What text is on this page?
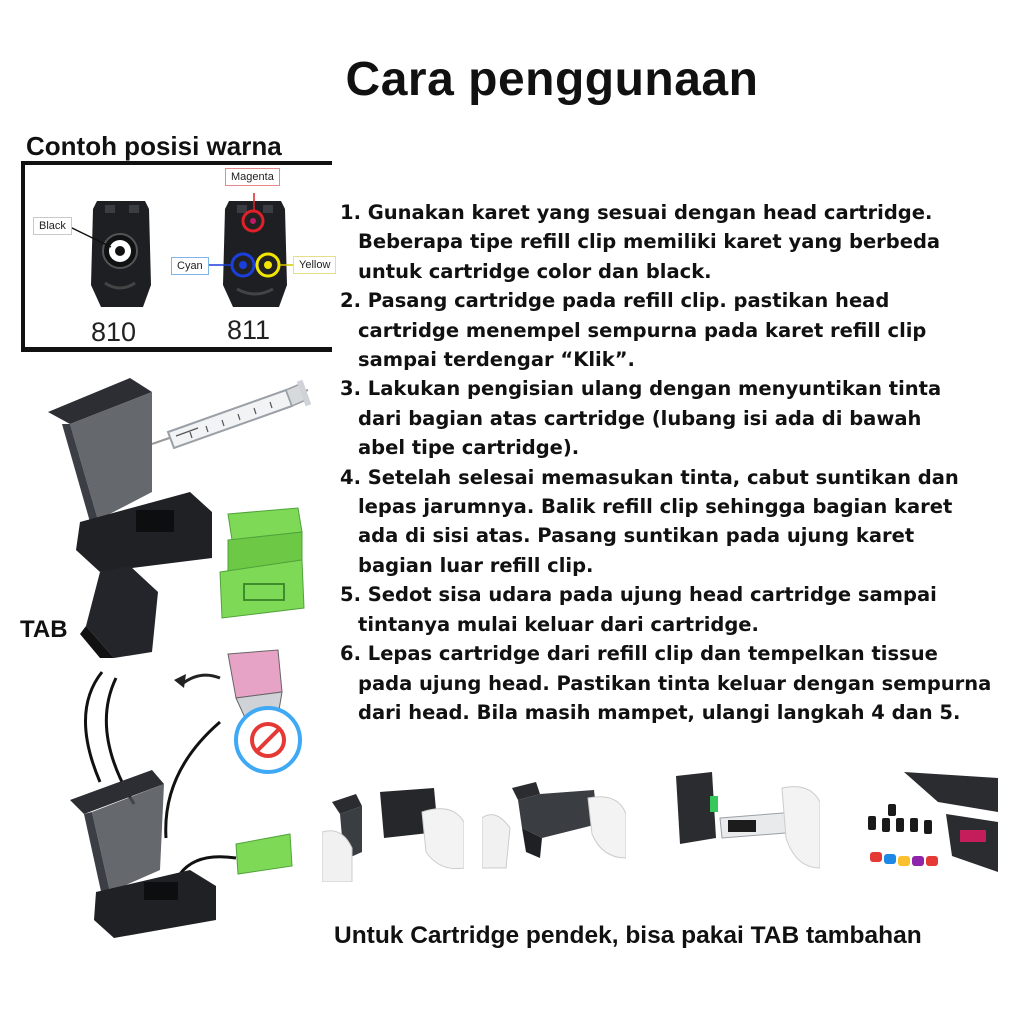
Cara penggunaan
Contoh posisi warna
Black
Magenta
Cyan	Yellow
810	811
TAB
1. Gunakan karet yang sesuai dengan head cartridge.
Beberapa tipe refill clip memiliki karet yang berbeda
untuk cartridge color dan black.
2. Pasang cartridge pada refill clip. pastikan head
cartridge menempel sempurna pada karet refill clip
sampai terdengar “Klik”.
3. Lakukan pengisian ulang dengan menyuntikan tinta
dari bagian atas cartridge (lubang isi ada di bawah
abel tipe cartridge).
4. Setelah selesai memasukan tinta, cabut suntikan dan
lepas jarumnya. Balik refill clip sehingga bagian karet
ada di sisi atas. Pasang suntikan pada ujung karet
bagian luar refill clip.
5. Sedot sisa udara pada ujung head cartridge sampai
tintanya mulai keluar dari cartridge.
6. Lepas cartridge dari refill clip dan tempelkan tissue
pada ujung head. Pastikan tinta keluar dengan sempurna
dari head. Bila masih mampet, ulangi langkah 4 dan 5.
Untuk Cartridge pendek, bisa pakai TAB tambahan
